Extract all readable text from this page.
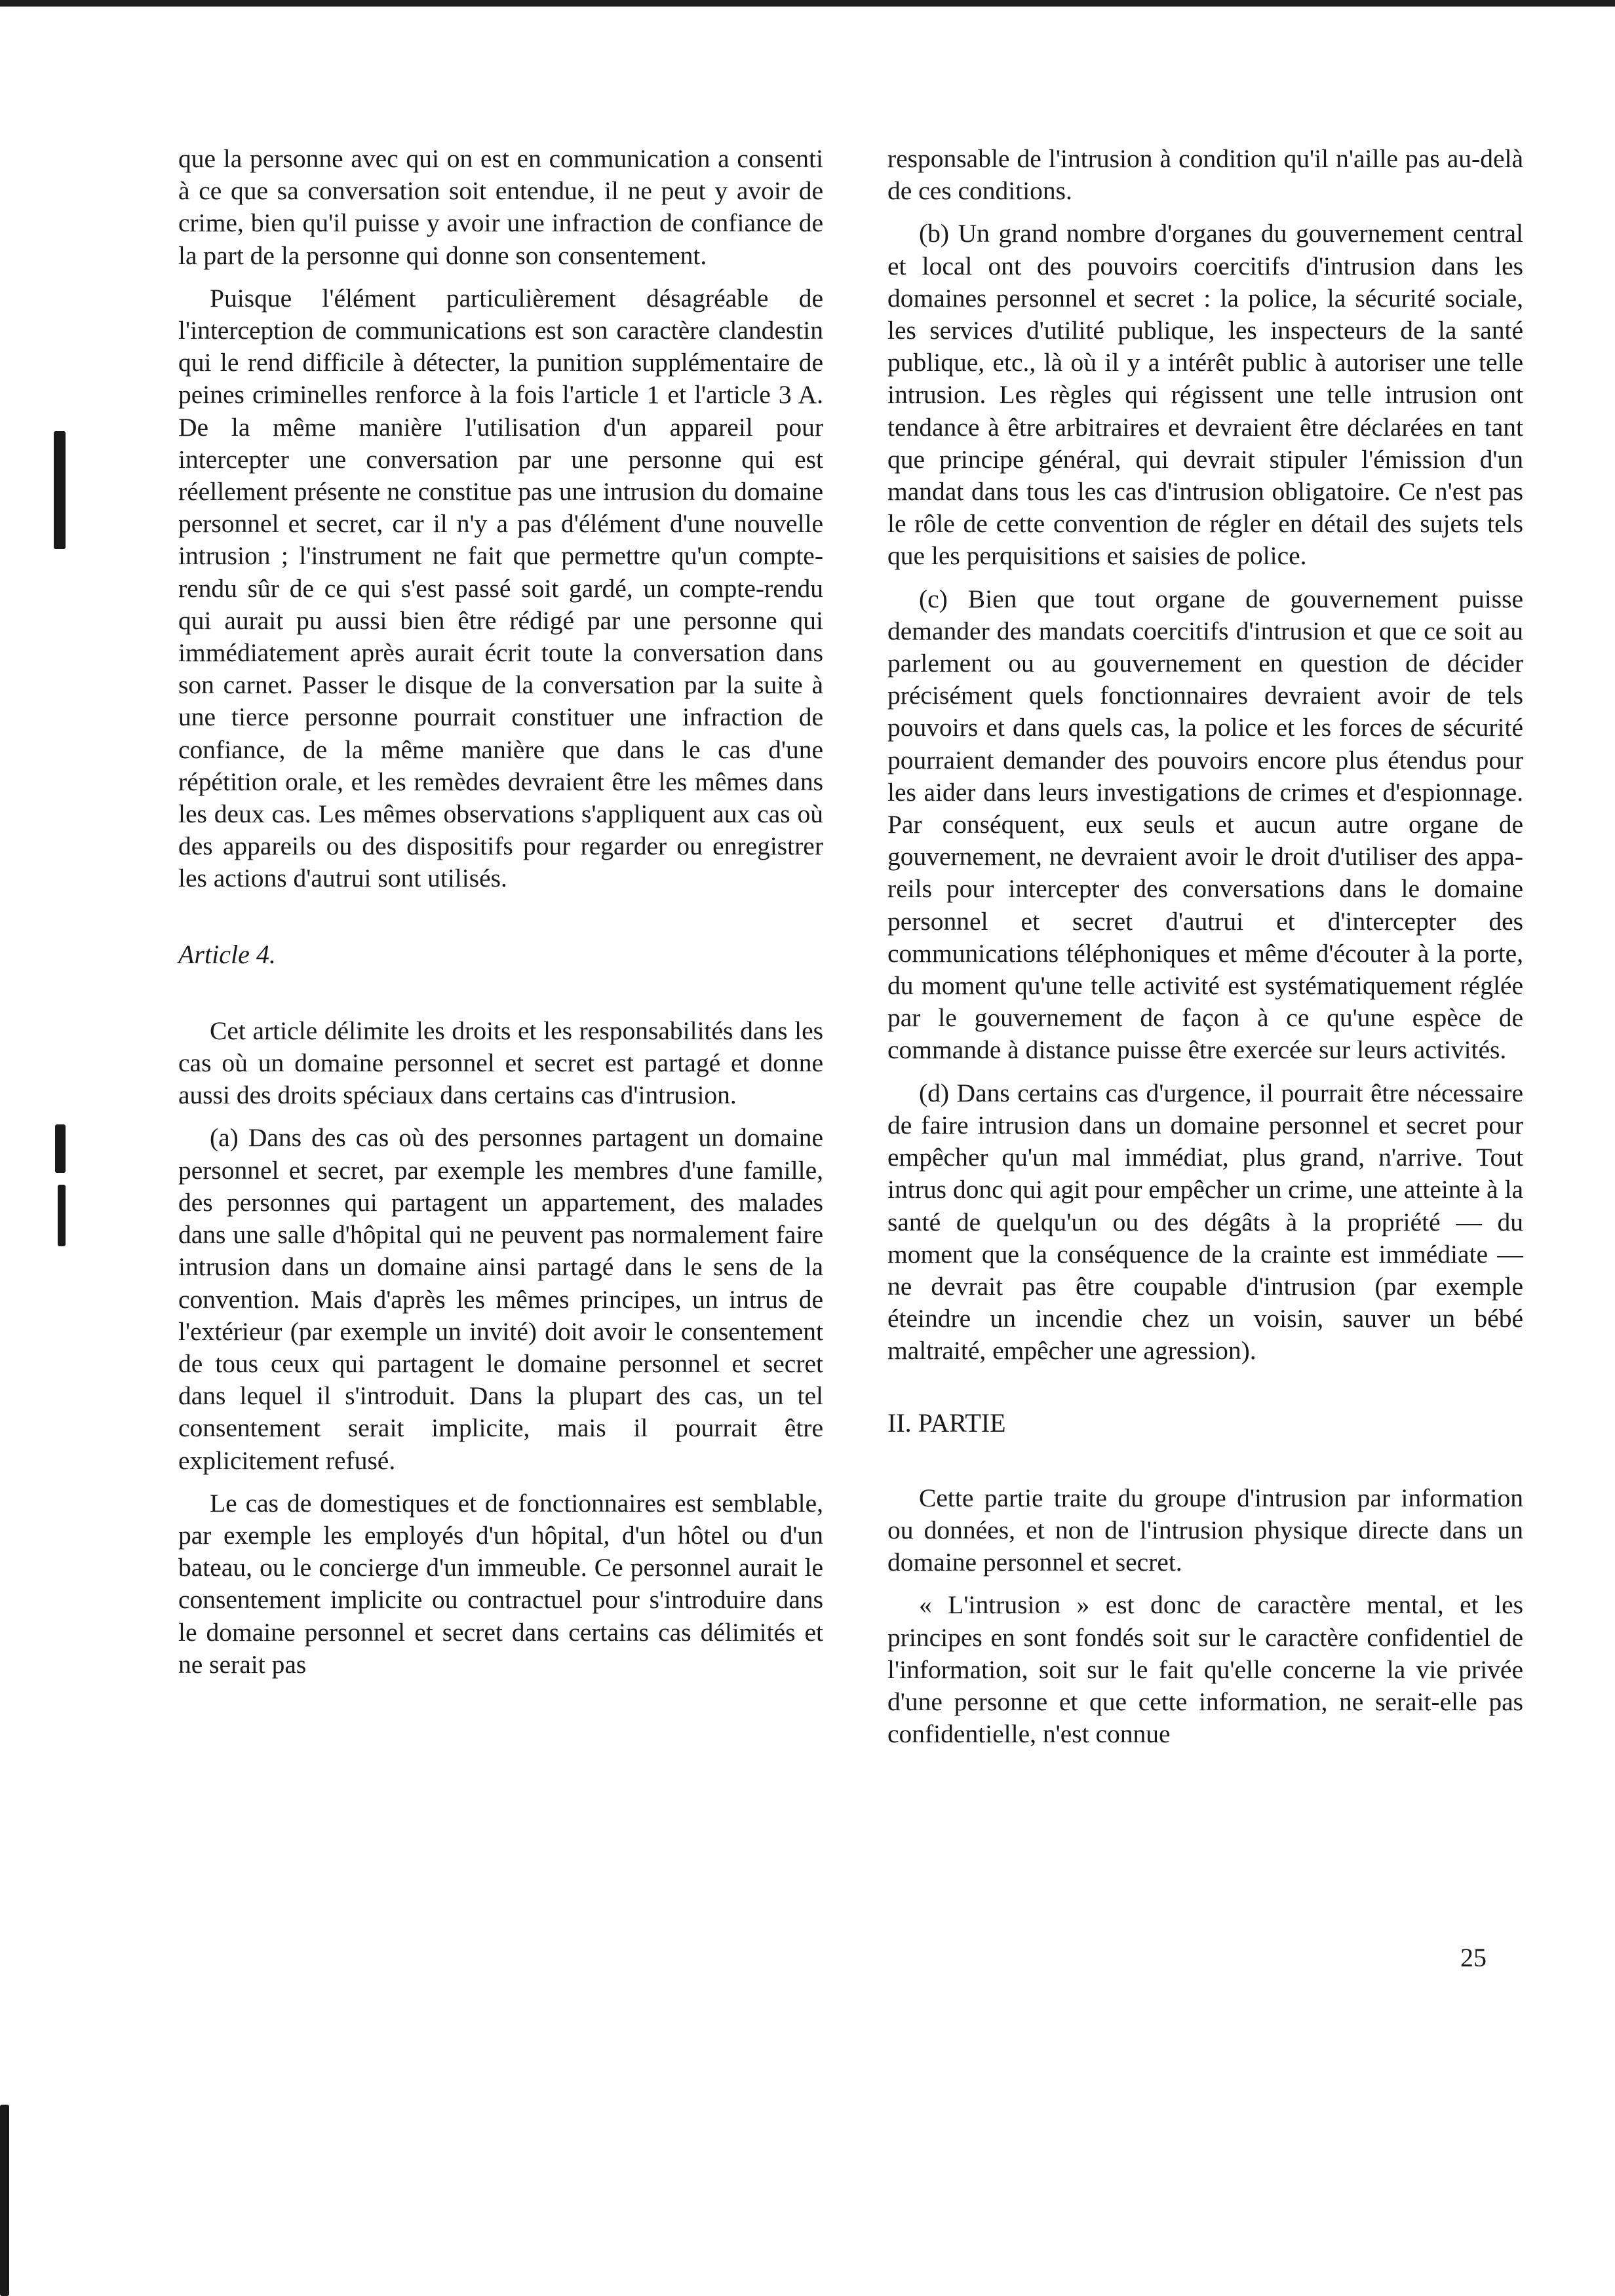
que la personne avec qui on est en communication a consenti à ce que sa conversation soit entendue, il ne peut y avoir de crime, bien qu'il puisse y avoir une infraction de confiance de la part de la personne qui donne son consentement.

Puisque l'élément particulièrement désagréable de l'interception de communications est son caractère clandestin qui le rend difficile à détecter, la punition supplémentaire de peines criminelles renforce à la fois l'article 1 et l'article 3 A. De la même manière l'utilisation d'un appareil pour intercepter une conversation par une personne qui est réellement présente ne constitue pas une intrusion du domaine personnel et secret, car il n'y a pas d'élément d'une nouvelle intrusion ; l'instrument ne fait que permettre qu'un compte-rendu sûr de ce qui s'est passé soit gardé, un compte-rendu qui aurait pu aussi bien être rédigé par une personne qui immédiatement après aurait écrit toute la conversation dans son carnet. Passer le disque de la conversation par la suite à une tierce personne pourrait constituer une infraction de confiance, de la même manière que dans le cas d'une répétition orale, et les remèdes devraient être les mêmes dans les deux cas. Les mêmes observations s'appliquent aux cas où des appareils ou des dispositifs pour regarder ou enregistrer les actions d'autrui sont utilisés.

Article 4.

Cet article délimite les droits et les responsabilités dans les cas où un domaine personnel et secret est partagé et donne aussi des droits spéciaux dans certains cas d'intrusion.

(a) Dans des cas où des personnes partagent un domaine personnel et secret, par exemple les membres d'une famille, des personnes qui partagent un appartement, des malades dans une salle d'hôpital qui ne peuvent pas normalement faire intrusion dans un domaine ainsi partagé dans le sens de la convention. Mais d'après les mêmes principes, un intrus de l'extérieur (par exemple un invité) doit avoir le consentement de tous ceux qui partagent le domaine personnel et secret dans lequel il s'introduit. Dans la plupart des cas, un tel consentement serait implicite, mais il pourrait être explicitement refusé.

Le cas de domestiques et de fonctionnaires est semblable, par exemple les employés d'un hôpital, d'un hôtel ou d'un bateau, ou le concierge d'un immeuble. Ce personnel aurait le consentement implicite ou contractuel pour s'introduire dans le domaine personnel et secret dans certains cas délimités et ne serait pas

responsable de l'intrusion à condition qu'il n'aille pas au-delà de ces conditions.

(b) Un grand nombre d'organes du gouvernement central et local ont des pouvoirs coercitifs d'intrusion dans les domaines personnel et secret : la police, la sécurité sociale, les services d'utilité publique, les inspecteurs de la santé publique, etc., là où il y a intérêt public à autoriser une telle intrusion. Les règles qui régissent une telle intrusion ont tendance à être arbitraires et devraient être déclarées en tant que principe général, qui devrait stipuler l'émission d'un mandat dans tous les cas d'intrusion obligatoire. Ce n'est pas le rôle de cette convention de régler en détail des sujets tels que les perquisitions et saisies de police.

(c) Bien que tout organe de gouvernement puisse demander des mandats coercitifs d'intrusion et que ce soit au parlement ou au gouvernement en question de décider précisément quels fonctionnaires devraient avoir de tels pouvoirs et dans quels cas, la police et les forces de sécurité pourraient demander des pouvoirs encore plus étendus pour les aider dans leurs investigations de crimes et d'espionnage. Par conséquent, eux seuls et aucun autre organe de gouvernement, ne devraient avoir le droit d'utiliser des appareils pour intercepter des conversations dans le domaine personnel et secret d'autrui et d'intercepter des communications téléphoniques et même d'écouter à la porte, du moment qu'une telle activité est systématiquement réglée par le gouvernement de façon à ce qu'une espèce de commande à distance puisse être exercée sur leurs activités.

(d) Dans certains cas d'urgence, il pourrait être nécessaire de faire intrusion dans un domaine personnel et secret pour empêcher qu'un mal immédiat, plus grand, n'arrive. Tout intrus donc qui agit pour empêcher un crime, une atteinte à la santé de quelqu'un ou des dégâts à la propriété — du moment que la conséquence de la crainte est immédiate — ne devrait pas être coupable d'intrusion (par exemple éteindre un incendie chez un voisin, sauver un bébé maltraité, empêcher une agression).

II. PARTIE

Cette partie traite du groupe d'intrusion par information ou données, et non de l'intrusion physique directe dans un domaine personnel et secret.

« L'intrusion » est donc de caractère mental, et les principes en sont fondés soit sur le caractère confidentiel de l'information, soit sur le fait qu'elle concerne la vie privée d'une personne et que cette information, ne serait-elle pas confidentielle, n'est connue

25
